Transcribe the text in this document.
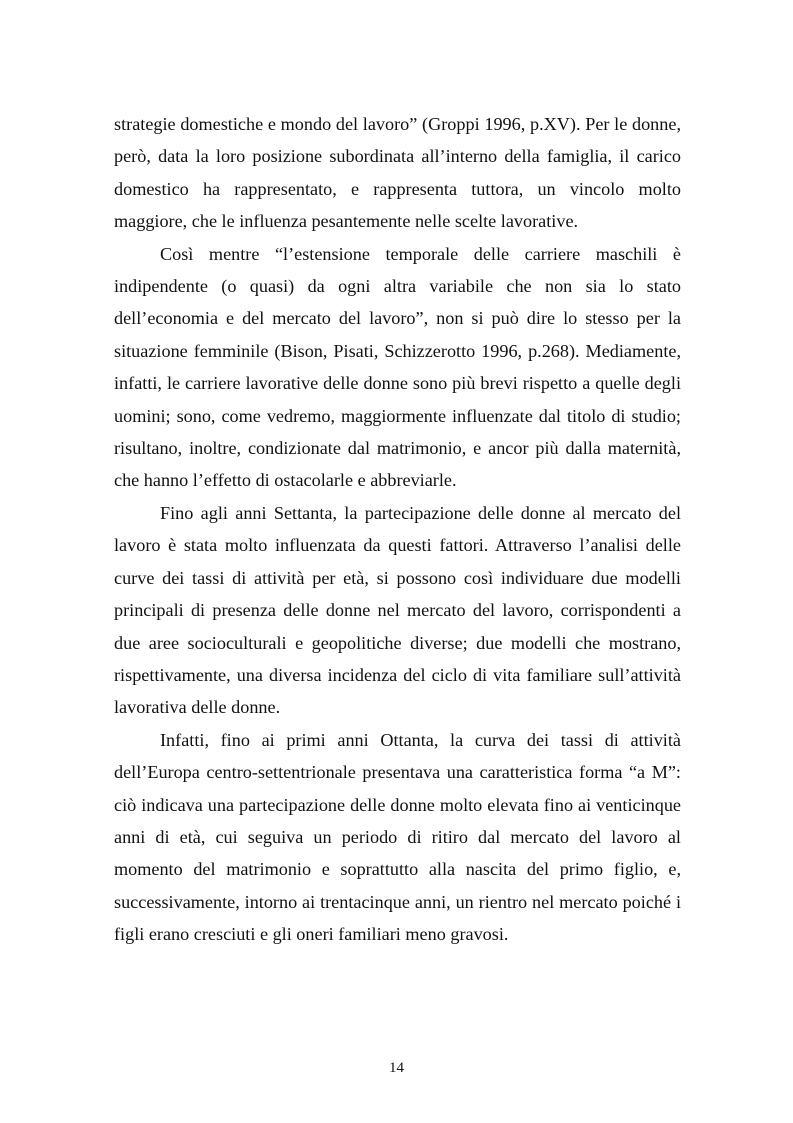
strategie domestiche e mondo del lavoro” (Groppi 1996, p.XV). Per le donne, però, data la loro posizione subordinata all’interno della famiglia, il carico domestico ha rappresentato, e rappresenta tuttora, un vincolo molto maggiore, che le influenza pesantemente nelle scelte lavorative.

Così mentre “l’estensione temporale delle carriere maschili è indipendente (o quasi) da ogni altra variabile che non sia lo stato dell’economia e del mercato del lavoro”, non si può dire lo stesso per la situazione femminile (Bison, Pisati, Schizzerotto 1996, p.268). Mediamente, infatti, le carriere lavorative delle donne sono più brevi rispetto a quelle degli uomini; sono, come vedremo, maggiormente influenzate dal titolo di studio; risultano, inoltre, condizionate dal matrimonio, e ancor più dalla maternità, che hanno l’effetto di ostacolarle e abbreviarle.

Fino agli anni Settanta, la partecipazione delle donne al mercato del lavoro è stata molto influenzata da questi fattori. Attraverso l’analisi delle curve dei tassi di attività per età, si possono così individuare due modelli principali di presenza delle donne nel mercato del lavoro, corrispondenti a due aree socioculturali e geopolitiche diverse; due modelli che mostrano, rispettivamente, una diversa incidenza del ciclo di vita familiare sull’attività lavorativa delle donne.

Infatti, fino ai primi anni Ottanta, la curva dei tassi di attività dell’Europa centro-settentrionale presentava una caratteristica forma “a M”: ciò indicava una partecipazione delle donne molto elevata fino ai venticinque anni di età, cui seguiva un periodo di ritiro dal mercato del lavoro al momento del matrimonio e soprattutto alla nascita del primo figlio, e, successivamente, intorno ai trentacinque anni, un rientro nel mercato poiché i figli erano cresciuti e gli oneri familiari meno gravosi.

14
